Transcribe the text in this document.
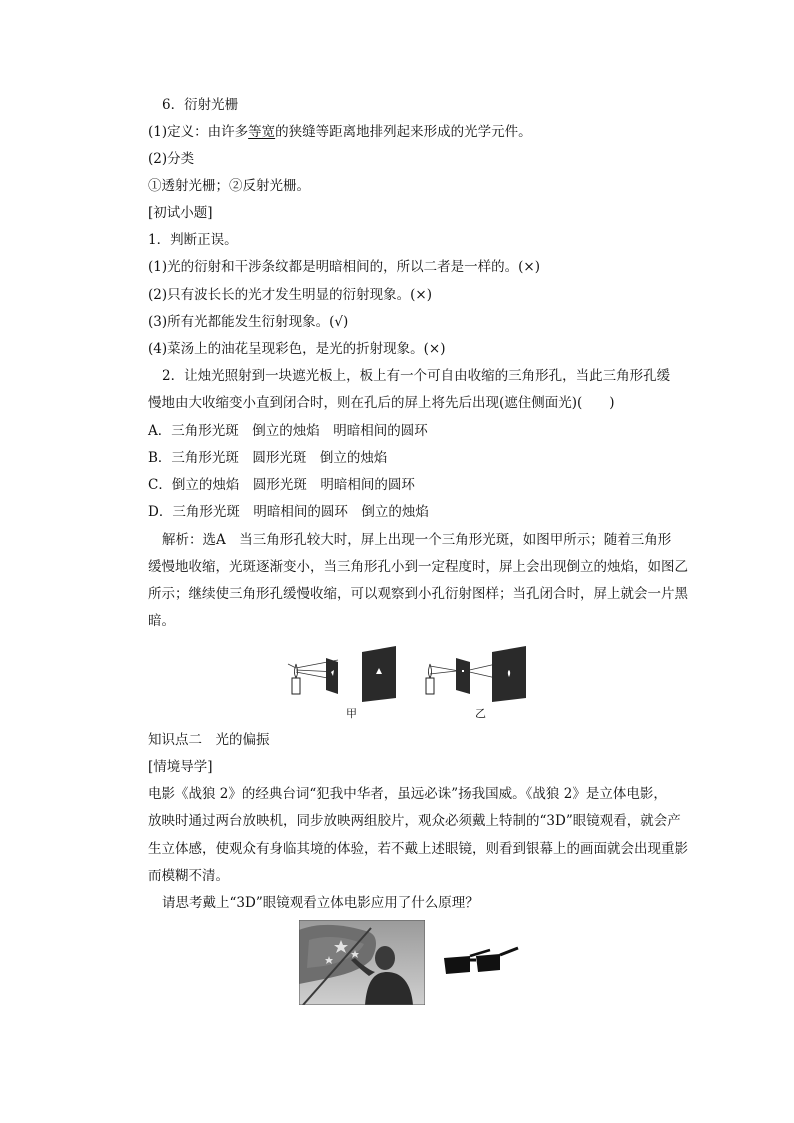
6．衍射光栅
(1)定义：由许多等宽的狭缝等距离地排列起来形成的光学元件。
(2)分类
①透射光栅；②反射光栅。
[初试小题]
1．判断正误。
(1)光的衍射和干涉条纹都是明暗相间的，所以二者是一样的。(×)
(2)只有波长长的光才发生明显的衍射现象。(×)
(3)所有光都能发生衍射现象。(√)
(4)菜汤上的油花呈现彩色，是光的折射现象。(×)
2．让烛光照射到一块遮光板上，板上有一个可自由收缩的三角形孔，当此三角形孔缓
慢地由大收缩变小直到闭合时，则在孔后的屏上将先后出现(遮住侧面光)(　　)
A．三角形光斑　倒立的烛焰　明暗相间的圆环
B．三角形光斑　圆形光斑　倒立的烛焰
C．倒立的烛焰　圆形光斑　明暗相间的圆环
D．三角形光斑　明暗相间的圆环　倒立的烛焰
解析：选A　当三角形孔较大时，屏上出现一个三角形光斑，如图甲所示；随着三角形
缓慢地收缩，光斑逐渐变小，当三角形孔小到一定程度时，屏上会出现倒立的烛焰，如图乙
所示；继续使三角形孔缓慢收缩，可以观察到小孔衍射图样；当孔闭合时，屏上就会一片黑
暗。
甲	乙
知识点二　光的偏振
[情境导学]
电影《战狼 2》的经典台词“犯我中华者，虽远必诛”扬我国威。《战狼 2》是立体电影，
放映时通过两台放映机，同步放映两组胶片，观众必须戴上特制的“3D”眼镜观看，就会产
生立体感，使观众有身临其境的体验，若不戴上述眼镜，则看到银幕上的画面就会出现重影
而模糊不清。
请思考戴上“3D”眼镜观看立体电影应用了什么原理？
